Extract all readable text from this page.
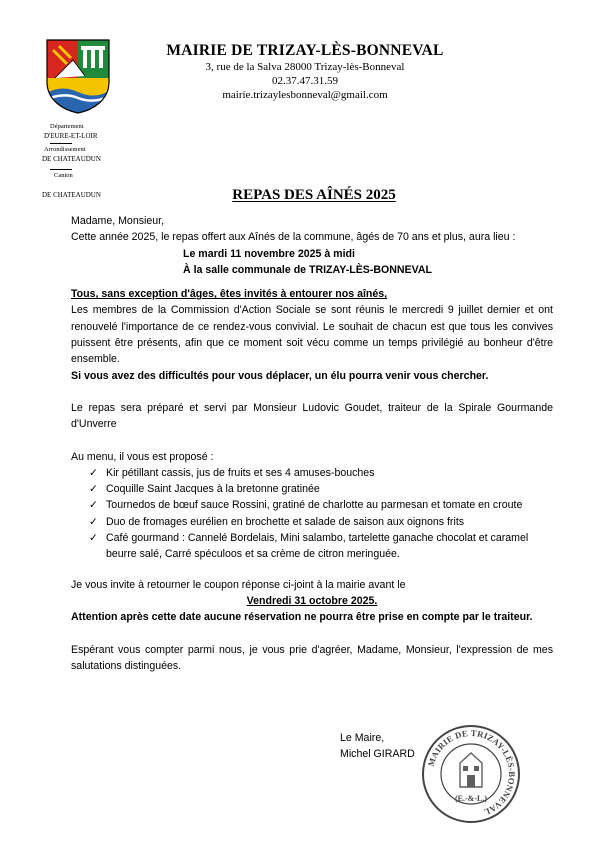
MAIRIE DE TRIZAY-LÈS-BONNEVAL
3, rue de la Salva 28000 Trizay-lès-Bonneval
02.37.47.31.59
mairie.trizaylesbonneval@gmail.com
Département
D'EURE-ET-LOIR
Arrondissement
DE CHATEAUDUN
Canton
DE CHATEAUDUN	REPAS DES AÎNÉS 2025
Madame, Monsieur,
Cette année 2025, le repas offert aux Aînés de la commune, âgés de 70 ans et plus, aura lieu :
Le mardi 11 novembre 2025 à midi
À la salle communale de TRIZAY-LÈS-BONNEVAL
Tous, sans exception d'âges, êtes invités à entourer nos aînés,
Les membres de la Commission d'Action Sociale se sont réunis le mercredi 9 juillet dernier et ont renouvelé l'importance de ce rendez-vous convivial. Le souhait de chacun est que tous les convives puissent être présents, afin que ce moment soit vécu comme un temps privilégié au bonheur d'être ensemble.
Si vous avez des difficultés pour vous déplacer, un élu pourra venir vous chercher.
Le repas sera préparé et servi par Monsieur Ludovic Goudet, traiteur de la Spirale Gourmande d'Unverre
Au menu, il vous est proposé :
✓ Kir pétillant cassis, jus de fruits et ses 4 amuses-bouches
✓ Coquille Saint Jacques à la bretonne gratinée
✓ Tournedos de bœuf sauce Rossini, gratiné de charlotte au parmesan et tomate en croute
✓ Duo de fromages eurélien en brochette et salade de saison aux oignons frits
✓ Café gourmand : Cannelé Bordelais, Mini salambo, tartelette ganache chocolat et caramel beurre salé, Carré spéculoos et sa crème de citron meringuée.
Je vous invite à retourner le coupon réponse ci-joint à la mairie avant le
Vendredi 31 octobre 2025.
Attention après cette date aucune réservation ne pourra être prise en compte par le traiteur.
Espérant vous compter parmi nous, je vous prie d'agréer, Madame, Monsieur, l'expression de mes salutations distinguées.
Le Maire,
Michel GIRARD
MAIRIE DE TRIZAY-LÈS-BONNEVAL
(E.-&-L.)
